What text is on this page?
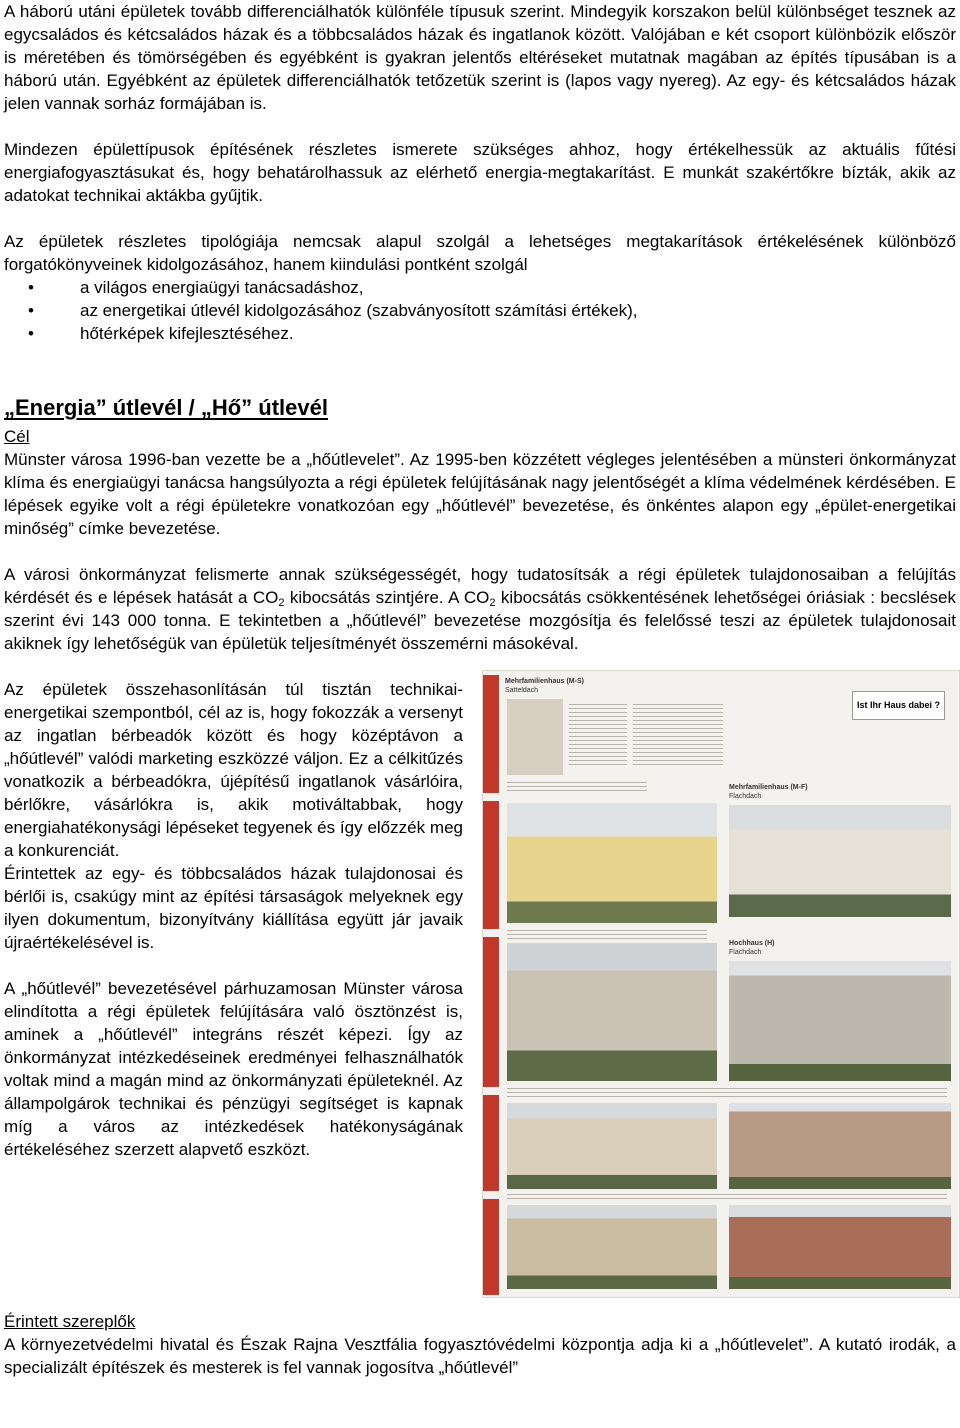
A háború utáni épületek tovább differenciálhatók különféle típusuk szerint. Mindegyik korszakon belül különbséget tesznek az egycsaládos és kétcsaládos házak és a többcsaládos házak és ingatlanok között. Valójában e két csoport különbözik először is méretében és tömörségében és egyébként is gyakran jelentős eltéréseket mutatnak magában az építés típusában is a háború után. Egyébként az épületek differenciálhatók tetőzetük szerint is (lapos vagy nyereg). Az egy- és kétcsaládos házak jelen vannak sorház formájában is.

Mindezen épülettípusok építésének részletes ismerete szükséges ahhoz, hogy értékelhessük az aktuális fűtési energiafogyasztásukat és, hogy behatárolhassuk az elérhető energia-megtakarítást. E munkát szakértőkre bízták, akik az adatokat technikai aktákba gyűjtik.

Az épületek részletes tipológiája nemcsak alapul szolgál a lehetséges megtakarítások értékelésének különböző forgatókönyveinek kidolgozásához, hanem kiindulási pontként szolgál

• a világos energiaügyi tanácsadáshoz,
• az energetikai útlevél kidolgozásához (szabványosított számítási értékek),
• hőtérképek kifejlesztéséhez.
„Energia” útlevél / „Hő” útlevél
Cél

Münster városa 1996-ban vezette be a „hőútlevelet”. Az 1995-ben közzétett végleges jelentésében a münsteri önkormányzat klíma és energiaügyi tanácsa hangsúlyozta a régi épületek felújításának nagy jelentőségét a klíma védelmének kérdésében. E lépések egyike volt a régi épületekre vonatkozóan egy „hőútlevél” bevezetése, és önkéntes alapon egy „épület-energetikai minőség” címke bevezetése.

A városi önkormányzat felismerte annak szükségességét, hogy tudatosítsák a régi épületek tulajdonosaiban a felújítás kérdését és e lépések hatását a $CO_2$ kibocsátás szintjére. A $CO_2$ kibocsátás csökkentésének lehetőségei óriásiak : becslések szerint évi 143 000 tonna. E tekintetben a „hőútlevél” bevezetése mozgósítja és felelőssé teszi az épületek tulajdonosait akiknek így lehetőségük van épületük teljesítményét összemérni másokéval.

Az épületek összehasonlításán túl tisztán technikai-energetikai szempontból, cél az is, hogy fokozzák a versenyt az ingatlan bérbeadók között és hogy középtávon a „hőútlevél” valódi marketing eszközzé váljon. Ez a célkitűzés vonatkozik a bérbeadókra, újépítésű ingatlanok vásárlóira, bérlőkre, vásárlókra is, akik motiváltabbak, hogy energiahatékonysági lépéseket tegyenek és így előzzék meg a konkurenciát.

Érintettek az egy- és többcsaládos házak tulajdonosai és bérlői is, csakúgy mint az építési társaságok melyeknek egy ilyen dokumentum, bizonyítvány kiállítása együtt jár javaik újraértékelésével is.

A „hőútlevél” bevezetésével párhuzamosan Münster városa elindította a régi épületek felújítására való ösztönzést is, aminek a „hőútlevél” integráns részét képezi. Így az önkormányzat intézkedéseinek eredményei felhasználhatók voltak mind a magán mind az önkormányzati épületeknél. Az állampolgárok technikai és pénzügyi segítséget is kapnak míg a város az intézkedések hatékonyságának értékeléséhez szerzett alapvető eszközt.

Mehrfamilienhaus (M-S)
Satteldach
Ist Ihr Haus dabei ?
Mehrfamilienhaus (M-F)
Flachdach
Hochhaus (H)
Flachdach
Érintett szereplők

A környezetvédelmi hivatal és Észak Rajna Vesztfália fogyasztóvédelmi központja adja ki a „hőútlevelet”. A kutató irodák, a specializált építészek és mesterek is fel vannak jogosítva „hőútlevél”
